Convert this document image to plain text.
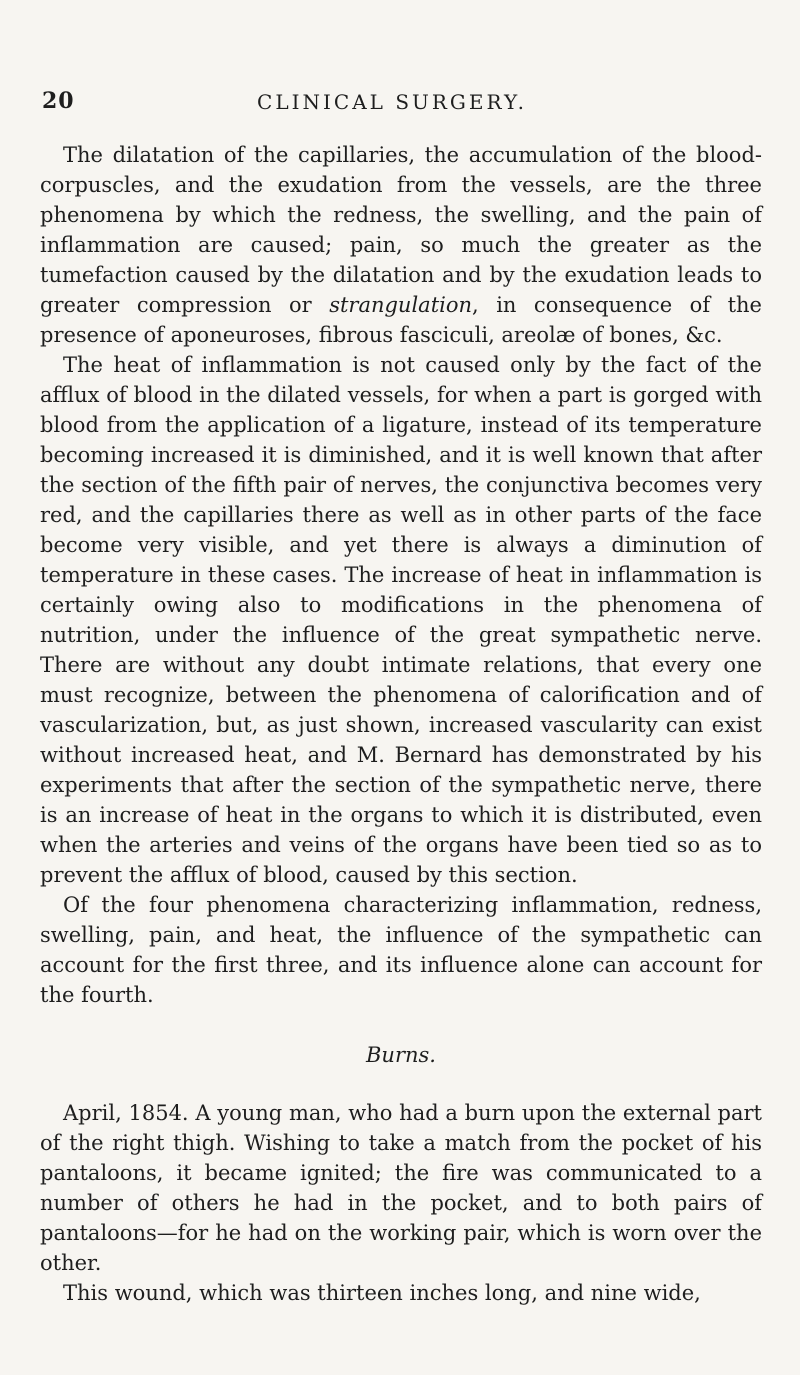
20	CLINICAL SURGERY.

The dilatation of the capillaries, the accumulation of the blood-corpuscles, and the exudation from the vessels, are the three phenomena by which the redness, the swelling, and the pain of inflammation are caused; pain, so much the greater as the tumefaction caused by the dilatation and by the exudation leads to greater compression or strangulation, in consequence of the presence of aponeuroses, fibrous fasciculi, areolæ of bones, &c.

The heat of inflammation is not caused only by the fact of the afflux of blood in the dilated vessels, for when a part is gorged with blood from the application of a ligature, instead of its temperature becoming increased it is diminished, and it is well known that after the section of the fifth pair of nerves, the conjunctiva becomes very red, and the capillaries there as well as in other parts of the face become very visible, and yet there is always a diminution of temperature in these cases. The increase of heat in inflammation is certainly owing also to modifications in the phenomena of nutrition, under the influence of the great sympathetic nerve. There are without any doubt intimate relations, that every one must recognize, between the phenomena of calorification and of vascularization, but, as just shown, increased vascularity can exist without increased heat, and M. Bernard has demonstrated by his experiments that after the section of the sympathetic nerve, there is an increase of heat in the organs to which it is distributed, even when the arteries and veins of the organs have been tied so as to prevent the afflux of blood, caused by this section.

Of the four phenomena characterizing inflammation, redness, swelling, pain, and heat, the influence of the sympathetic can account for the first three, and its influence alone can account for the fourth.

Burns.

April, 1854. A young man, who had a burn upon the external part of the right thigh. Wishing to take a match from the pocket of his pantaloons, it became ignited; the fire was communicated to a number of others he had in the pocket, and to both pairs of pantaloons—for he had on the working pair, which is worn over the other.

This wound, which was thirteen inches long, and nine wide,
